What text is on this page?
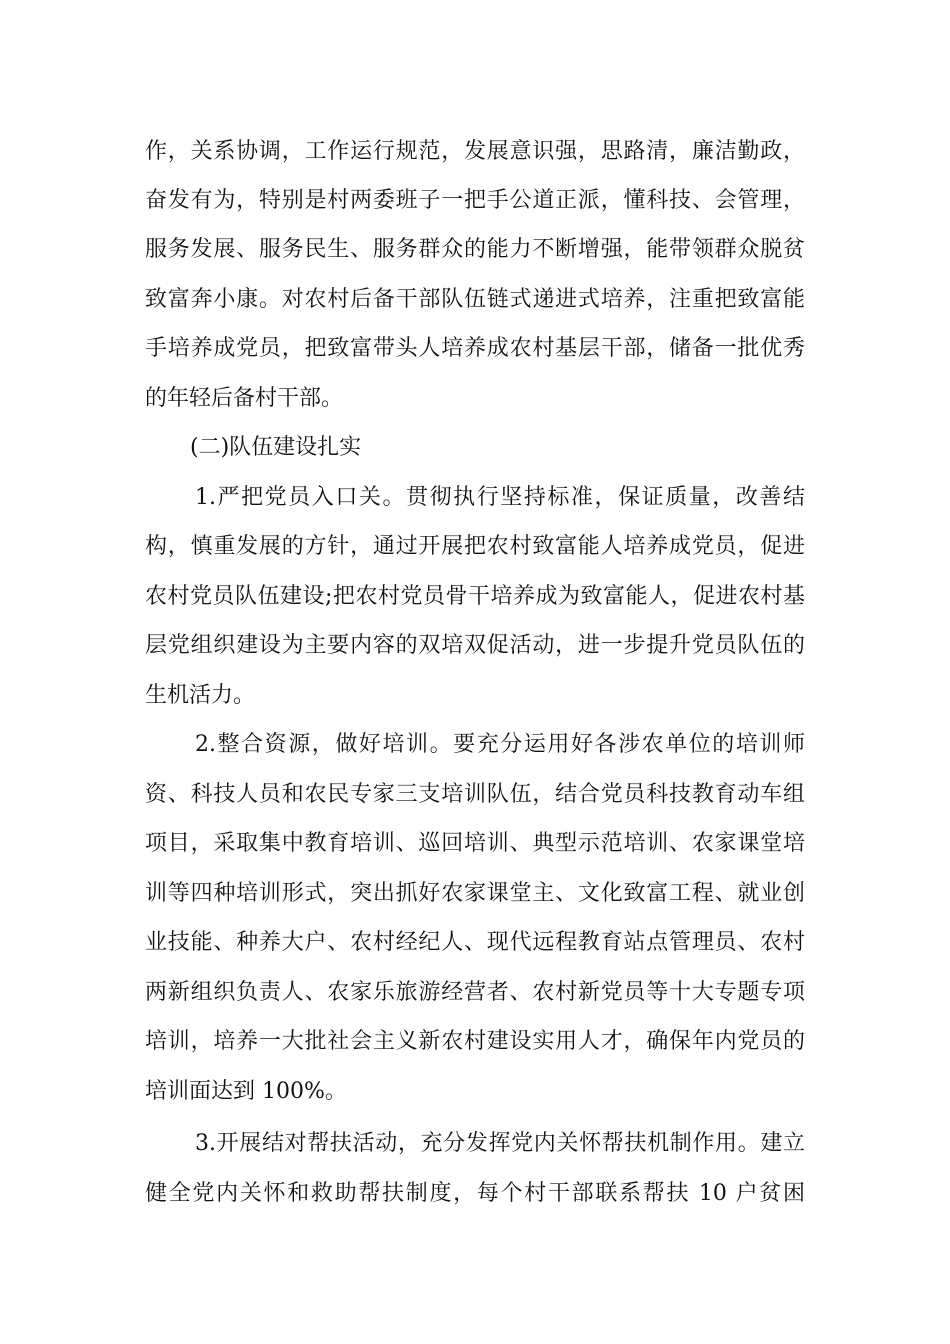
作，关系协调，工作运行规范，发展意识强，思路清，廉洁勤政，
奋发有为，特别是村两委班子一把手公道正派，懂科技、会管理，
服务发展、服务民生、服务群众的能力不断增强，能带领群众脱贫
致富奔小康。对农村后备干部队伍链式递进式培养，注重把致富能
手培养成党员，把致富带头人培养成农村基层干部，储备一批优秀
的年轻后备村干部。
(二)队伍建设扎实
1.严把党员入口关。贯彻执行坚持标准，保证质量，改善结
构，慎重发展的方针，通过开展把农村致富能人培养成党员，促进
农村党员队伍建设;把农村党员骨干培养成为致富能人，促进农村基
层党组织建设为主要内容的双培双促活动，进一步提升党员队伍的
生机活力。
2.整合资源，做好培训。要充分运用好各涉农单位的培训师
资、科技人员和农民专家三支培训队伍，结合党员科技教育动车组
项目，采取集中教育培训、巡回培训、典型示范培训、农家课堂培
训等四种培训形式，突出抓好农家课堂主、文化致富工程、就业创
业技能、种养大户、农村经纪人、现代远程教育站点管理员、农村
两新组织负责人、农家乐旅游经营者、农村新党员等十大专题专项
培训，培养一大批社会主义新农村建设实用人才，确保年内党员的
培训面达到 100%。
3.开展结对帮扶活动，充分发挥党内关怀帮扶机制作用。建立
健全党内关怀和救助帮扶制度，每个村干部联系帮扶 10 户贫困
